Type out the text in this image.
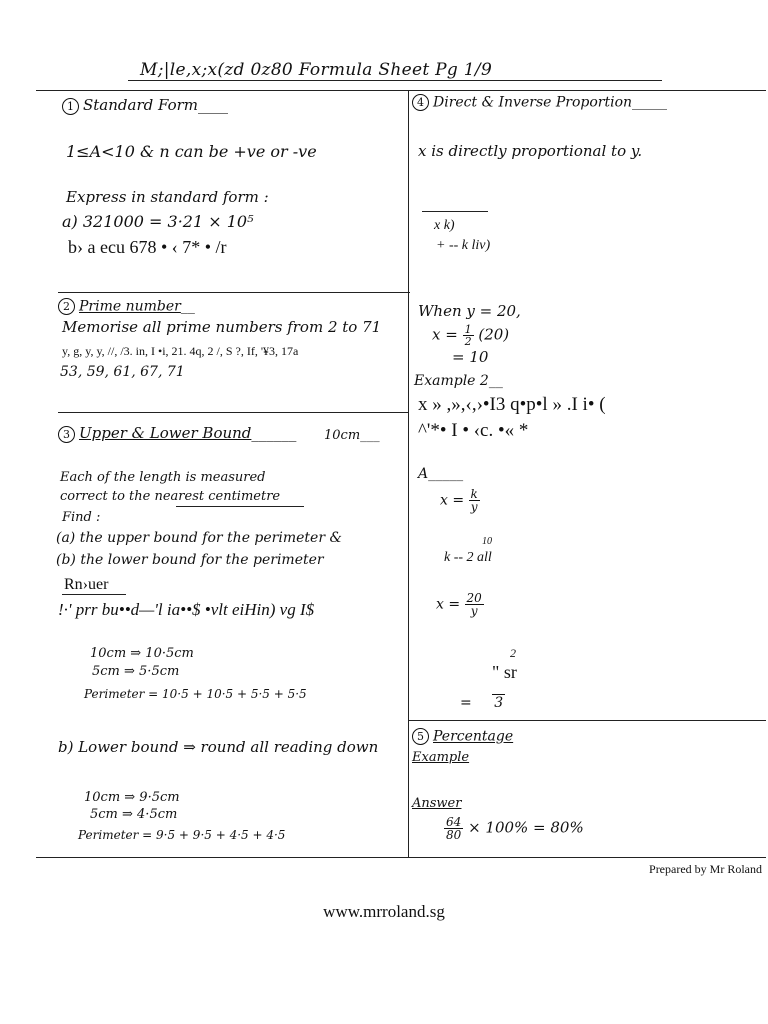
M;|le,x;x(zd 0z80 Formula Sheet Pg 1/9
1 Standard Form____
1≤A<10 & n can be +ve or -ve
Express in standard form :
a) 321000 = 3·21 × 10⁵
b› a ecu 678 • ‹ 7* • /r
2 Prime number__
Memorise all prime numbers from 2 to 71
y, g, y, y, //, /3. in, I •i, 21. 4q, 2 /, S ?, If, '¥3, 17a
53, 59, 61, 67, 71
3 Upper & Lower Bound______ 10cm___
Each of the length is measured
correct to the nearest centimetre
Find :
(a) the upper bound for the perimeter &
(b) the lower bound for the perimeter
Rn›uer
!·' prr bu••d—'l ia••$ •vlt eiHin) vg I$
10cm ⇒ 10·5cm
5cm ⇒ 5·5cm
Perimeter = 10·5 + 10·5 + 5·5 + 5·5
b) Lower bound ⇒ round all reading down
10cm ⇒ 9·5cm
5cm ⇒ 4·5cm
Perimeter = 9·5 + 9·5 + 4·5 + 4·5
4 Direct & Inverse Proportion_____
x is directly proportional to y.
x k)
+ -- k liv)
When y = 20,
$x = \frac{1}{2} (20)$
= 10
Example 2__
x » ,»,‹,›•I3 q•p•l » .I i• (
^'*• I • ‹c. •« *
A_____
$x = \frac{k}{y}$
10
k -- 2 all
$x = \frac{20}{y}$
2
" sr
= 3
5 Percentage
Example
Answer
$\frac{64}{80} \times 100\% = 80\%$
Prepared by Mr Roland
www.mrroland.sg
